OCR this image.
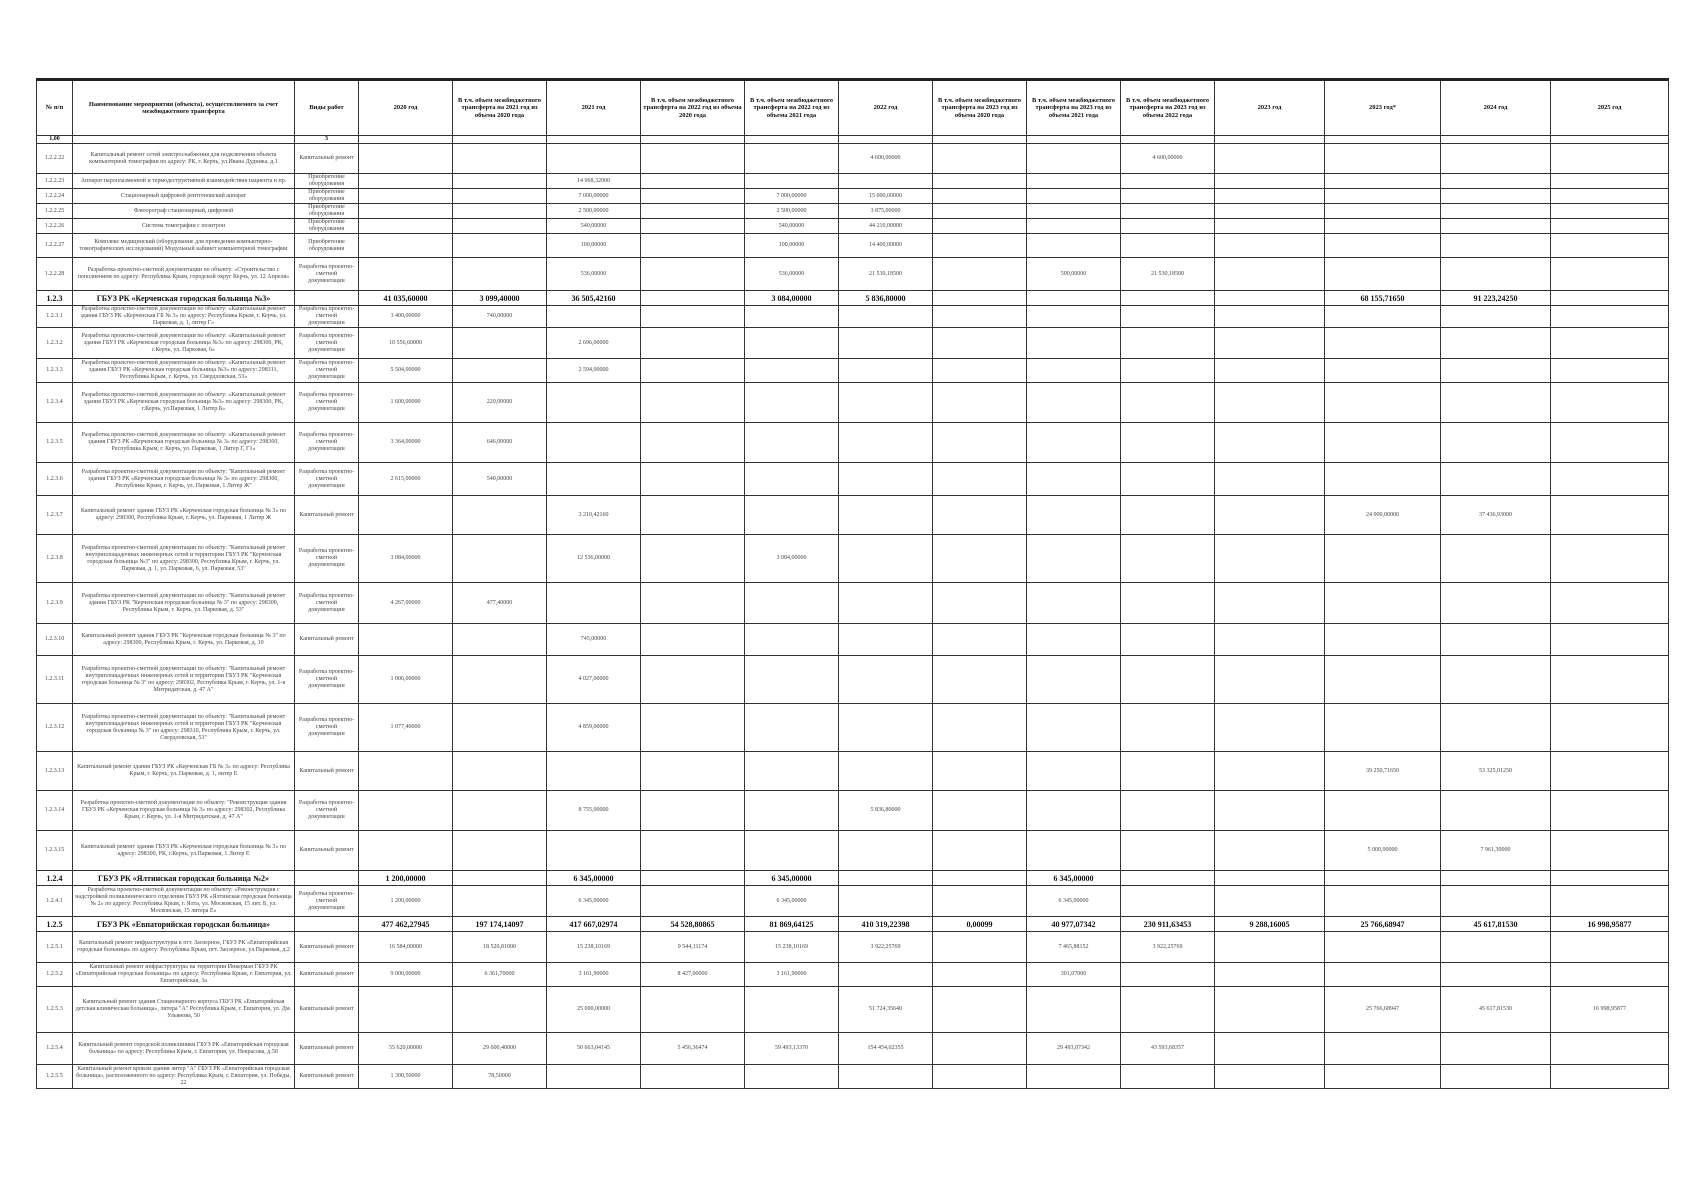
№ п/п	Наименование мероприятия (объекта), осуществляемого за счет межбюджетного трансферта	Виды работ	2020 год	В т.ч. объем межбюджетного трансферта на 2021 год из объема 2020 года	2021 год	В т.ч. объем межбюджетного трансферта на 2022 год из объема 2020 года	В т.ч. объем межбюджетного трансферта на 2022 год из объема 2021 года	2022 год	В т.ч. объем межбюджетного трансферта на 2023 год из объема 2020 года	В т.ч. объем межбюджетного трансферта на 2023 год из объема 2021 года	В т.ч. объем межбюджетного трансферта на 2023 год из объема 2022 года	2023 год	2023 год*	2024 год	2025 год
1,00		3													
1.2.2.22	Капитальный ремонт сетей электроснабжения для подключения объекта компьютерной томографии по адресу: РК, г. Керчь, ул.Ивана Дудника, д.1	Капитальный ремонт						4 600,00000			4 600,00000				
1.2.2.23	Аппарат пароплазменной и термодеструктивной взаимодействия пациента и пр.	Приобретение оборудования			14 968,32000										
1.2.2.24	Стационарный цифровой рентгеновский аппарат	Приобретение оборудования			7 000,00000		7 000,00000	15 000,00000							
1.2.2.25	Флюорограф стационарный, цифровой	Приобретение оборудования			2 500,00000		2 500,00000	3 875,00000							
1.2.2.26	Система томографии с позитрон	Приобретение оборудования			540,00000		540,00000	44 210,00000							
1.2.2.27	Комплекс медицинский (оборудование для проведения компьютерно-томографических исследований) Модульный кабинет компьютерной томографии	Приобретение оборудования			100,00000		100,00000	14 400,00000							
1.2.2.28	Разработка проектно-сметной документации по объекту: «Строительство с пополнением по адресу: Республика Крым, городской округ Керчь, ул. 12 Апреля»	Разработка проектно-сметной документации			536,00000		536,00000	21 530,18500		500,00000	21 530,18500				
1.2.3	ГБУЗ РК «Керченская городская больница №3»		41 035,60000	3 099,40000	36 505,42160		3 084,00000	5 836,80000					68 155,71650	91 223,24250	
1.2.3.1	Разработка проектно-сметной документации по объекту: «Капитальный ремонт здания ГБУЗ РК «Керченская ГБ № 3» по адресу: Республика Крым, г. Керчь, ул. Парковая, д. 1, литер Г»	Разработка проектно-сметной документации	3 400,00000	740,00000											
1.2.3.2	Разработка проектно-сметной документации по объекту: «Капитальный ремонт здания ГБУЗ РК «Керченская городская больница №3» по адресу: 298300, РК, г.Керчь, ул. Парковая, 6»	Разработка проектно-сметной документации	10 556,60000		2 696,00000										
1.2.3.3	Разработка проектно-сметной документации по объекту: «Капитальный ремонт здания ГБУЗ РК «Керченская городская больница №3» по адресу: 298311, Республика Крым, г. Керчь, ул. Свердловская, 53»	Разработка проектно-сметной документации	5 504,00000		2 594,00000										
1.2.3.4	Разработка проектно-сметной документации по объекту: «Капитальный ремонт здания ГБУЗ РК «Керченская городская больница №3» по адресу: 298300, РК, г.Керчь, ул.Парковая, 1 Литер Б»	Разработка проектно-сметной документации	1 600,00000	220,00000											
1.2.3.5	Разработка проектно-сметной документации по объекту: «Капитальный ремонт здания ГБУЗ РК «Керченская городская больница № 3» по адресу: 298300, Республика Крым, г. Керчь, ул. Парковая, 1 Литер Г, Г1»	Разработка проектно-сметной документации	3 364,00000	646,00000											
1.2.3.6	Разработка проектно-сметной документации по объекту: "Капитальный ремонт здания ГБУЗ РК «Керченская городская больница № 3» по адресу: 298300, Республика Крым, г. Керчь, ул. Парковая, 1 Литер Ж"	Разработка проектно-сметной документации	2 615,00000	540,00000											
1.2.3.7	Капитальный ремонт здания ГБУЗ РК «Керченская городская больница № 3» по адресу: 298300, Республика Крым, г. Керчь, ул. Парковая, 1 Литер Ж	Капитальный ремонт			3 210,42160								24 000,00000	37 436,93000	
1.2.3.8	Разработка проектно-сметной документации по объекту: "Капитальный ремонт внутриплощадочных инженерных сетей и территории ГБУЗ РК "Керченская городская больница №3" по адресу: 298300, Республика Крым, г. Керчь, ул. Парковая, д. 1, ул. Парковая, 6, ул. Парковая, 53"	Разработка проектно-сметной документации	3 084,00000		12 536,00000		3 084,00000								
1.2.3.9	Разработка проектно-сметной документации по объекту: "Капитальный ремонт здания ГБУЗ РК "Керченская городская больница № 3" по адресу: 298300, Республика Крым, г. Керчь, ул. Парковая, д. 53"	Разработка проектно-сметной документации	4 267,00000	477,40000											
1.2.3.10	Капитальный ремонт здания ГБУЗ РК "Керченская городская больница № 3" по адресу: 298300, Республика Крым, г. Керчь, ул. Парковая, д. 10	Капитальный ремонт			745,00000										
1.2.3.11	Разработка проектно-сметной документации по объекту: "Капитальный ремонт внутриплощадочных инженерных сетей и территории ГБУЗ РК "Керченская городская больница № 3" по адресу: 298302, Республика Крым, г. Керчь, ул. 1-я Митридатская, д. 47 А"	Разработка проектно-сметной документации	1 006,00000		4 027,00000										
1.2.3.12	Разработка проектно-сметной документации по объекту: "Капитальный ремонт внутриплощадочных инженерных сетей и территории ГБУЗ РК "Керченская городская больница № 3" по адресу: 298310, Республика Крым, г. Керчь, ул. Свердловская, 53"	Разработка проектно-сметной документации	1 077,40000		4 859,00000										
1.2.3.13	Капитальный ремонт здания ГБУЗ РК «Керченская ГБ № 3» по адресу: Республика Крым, г. Керчь, ул. Парковая, д. 1, литер Е	Капитальный ремонт											39 250,71650	53 325,01250	
1.2.3.14	Разработка проектно-сметной документации по объекту: "Реконструкция здания ГБУЗ РК «Керченская городская больница № 3» по адресу: 298302, Республика Крым, г. Керчь, ул. 1-я Митридатская, д. 47 А"	Разработка проектно-сметной документации			8 755,00000			5 836,80000							
1.2.3.15	Капитальный ремонт здания ГБУЗ РК «Керченская городская больница № 3» по адресу: 298300, РК, г.Керчь, ул.Парковая, 1 Литер Е	Капитальный ремонт											5 000,00000	7 961,30000	
1.2.4	ГБУЗ РК «Ялтинская городская больница №2»		1 200,00000		6 345,00000		6 345,00000			6 345,00000					
1.2.4.1	Разработка проектно-сметной документации по объекту: «Реконструкция с надстройкой поликлинического отделения ГБУЗ РК «Ялтинская городская больница № 2» по адресу: Республика Крым, г. Ялта, ул. Московская, 15 лит. Б, ул. Московская, 15 литера Е»	Разработка проектно-сметной документации	1 200,00000		6 345,00000		6 345,00000			6 345,00000					
1.2.5	ГБУЗ РК «Евпаторийская городская больница»		477 462,27945	197 174,14097	417 667,02974	54 528,80865	81 869,64125	410 319,22398	0,00099	40 977,07342	230 911,63453	9 288,16005	25 766,68947	45 617,81530	16 998,95877
1.2.5.1	Капитальный ремонт инфраструктуры в пгт. Заозерное, ГБУЗ РК «Евпаторийская городская больница» по адресу: Республика Крым, пгт. Заозерное, ул.Парковая, д.2	Капитальный ремонт	16 584,00000	18 520,81000	15 238,10169	9 544,11174	15 238,10169	3 922,25769		7 465,88152	3 922,25769				
1.2.5.2	Капитальный ремонт инфраструктуры на территории Инкерман ГБУЗ РК «Евпаторийская городская больница» по адресу: Республика Крым, г. Евпатория, ул. Евпаторийская, 3а	Капитальный ремонт	9 000,00000	6 361,70000	3 161,90000	8 427,00000	3 161,90000			301,07000					
1.2.5.3	Капитальный ремонт здания Стационарного корпуса ГБУЗ РК «Евпаторийская детская клиническая больница», литера "А" Республика Крым, г. Евпатория, ул. Дм. Ульянова, 50	Капитальный ремонт			25 000,00000			51 724,35640					25 766,68947	45 617,81530	16 998,95877
1.2.5.4	Капитальный ремонт городской поликлиники ГБУЗ РК «Евпаторийская городская больница» по адресу: Республика Крым, г. Евпатория, ул. Некрасова, д.50	Капитальный ремонт	55 620,00000	29 600,40000	50 663,04145	5 456,36474	59 493,13370	154 454,02355		29 493,07342	43 593,68357				
1.2.5.5	Капитальный ремонт кровли здания литер "А" ГБУЗ РК «Евпаторийская городская больница», расположенного по адресу: Республика Крым, г. Евпатория, ул. Победы, 22	Капитальный ремонт	1 300,50000	78,50000											
